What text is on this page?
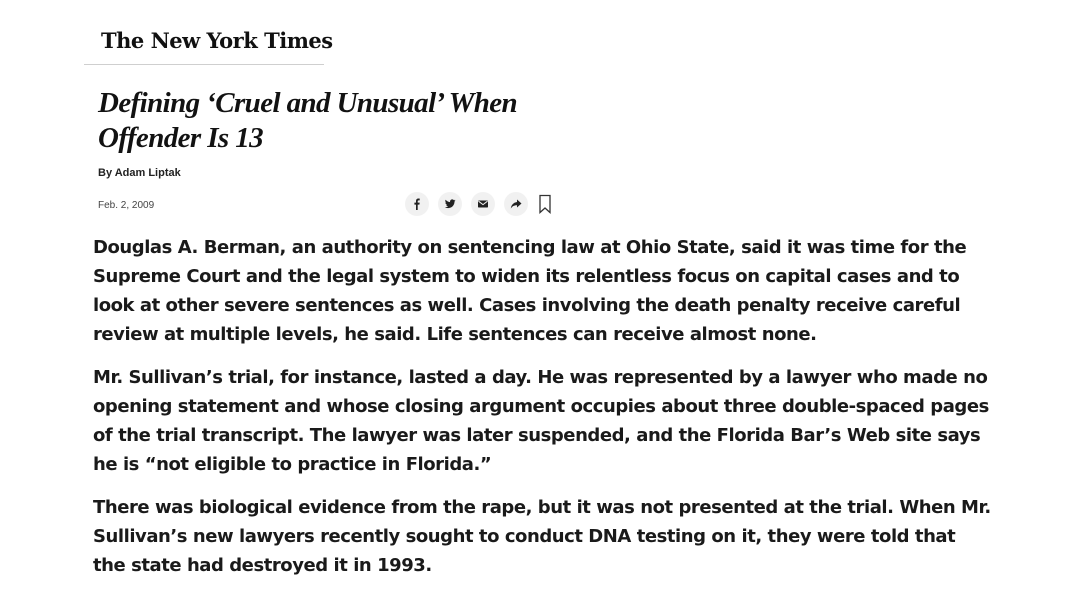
The New York Times
Defining ‘Cruel and Unusual’ When Offender Is 13
By Adam Liptak
Feb. 2, 2009

Douglas A. Berman, an authority on sentencing law at Ohio State, said it was time for the Supreme Court and the legal system to widen its relentless focus on capital cases and to look at other severe sentences as well. Cases involving the death penalty receive careful review at multiple levels, he said. Life sentences can receive almost none.

Mr. Sullivan’s trial, for instance, lasted a day. He was represented by a lawyer who made no opening statement and whose closing argument occupies about three double-spaced pages of the trial transcript. The lawyer was later suspended, and the Florida Bar’s Web site says he is “not eligible to practice in Florida.”

There was biological evidence from the rape, but it was not presented at the trial. When Mr. Sullivan’s new lawyers recently sought to conduct DNA testing on it, they were told that the state had destroyed it in 1993.
